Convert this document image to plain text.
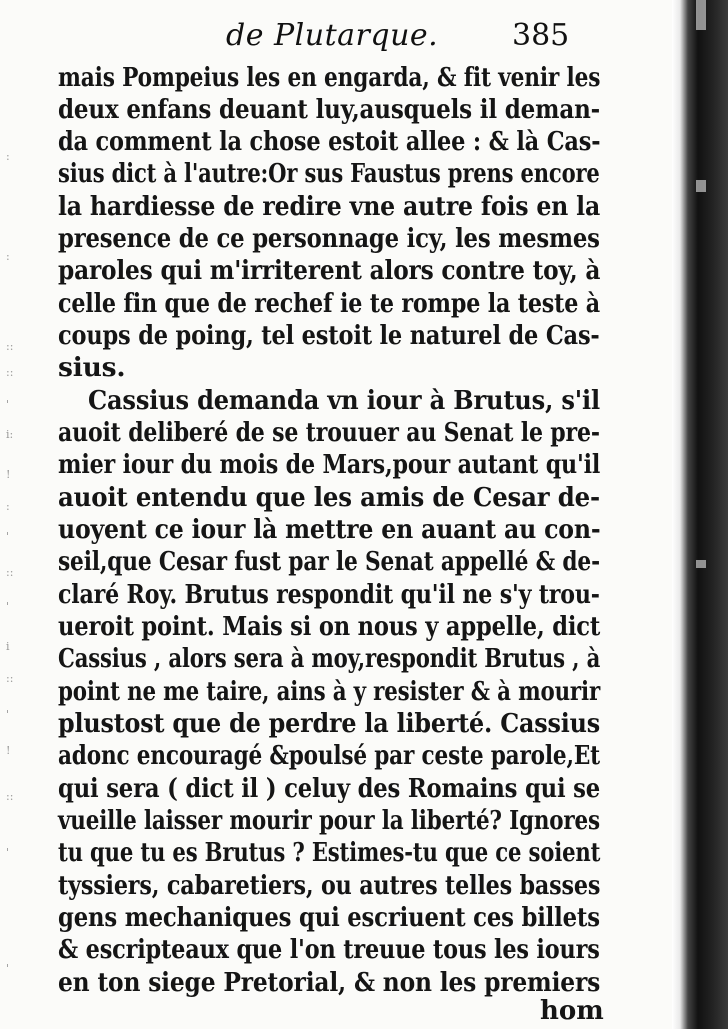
:
:
::
::
'
i:
!
:
'
::
'
i
::
'
!
::
'
'
de Plutarque. 385
mais Pompeius les en engarda, & fit venir les
deux enfans deuant luy,ausquels il deman-
da comment la chose estoit allee : & là Cas-
sius dict à l'autre:Or sus Faustus prens encore
la hardiesse de redire vne autre fois en la
presence de ce personnage icy, les mesmes
paroles qui m'irriterent alors contre toy, à
celle fin que de rechef ie te rompe la teste à
coups de poing, tel estoit le naturel de Cas-
sius.
Cassius demanda vn iour à Brutus, s'il
auoit deliberé de se trouuer au Senat le pre-
mier iour du mois de Mars,pour autant qu'il
auoit entendu que les amis de Cesar de-
uoyent ce iour là mettre en auant au con-
seil,que Cesar fust par le Senat appellé & de-
claré Roy. Brutus respondit qu'il ne s'y trou-
ueroit point. Mais si on nous y appelle, dict
Cassius , alors sera à moy,respondit Brutus , à
point ne me taire, ains à y resister & à mourir
plustost que de perdre la liberté. Cassius
adonc encouragé &poulsé par ceste parole,Et
qui sera ( dict il ) celuy des Romains qui se
vueille laisser mourir pour la liberté? Ignores
tu que tu es Brutus ? Estimes-tu que ce soient
tyssiers, cabaretiers, ou autres telles basses
gens mechaniques qui escriuent ces billets
& escripteaux que l'on treuue tous les iours
en ton siege Pretorial, & non les premiers
hom
